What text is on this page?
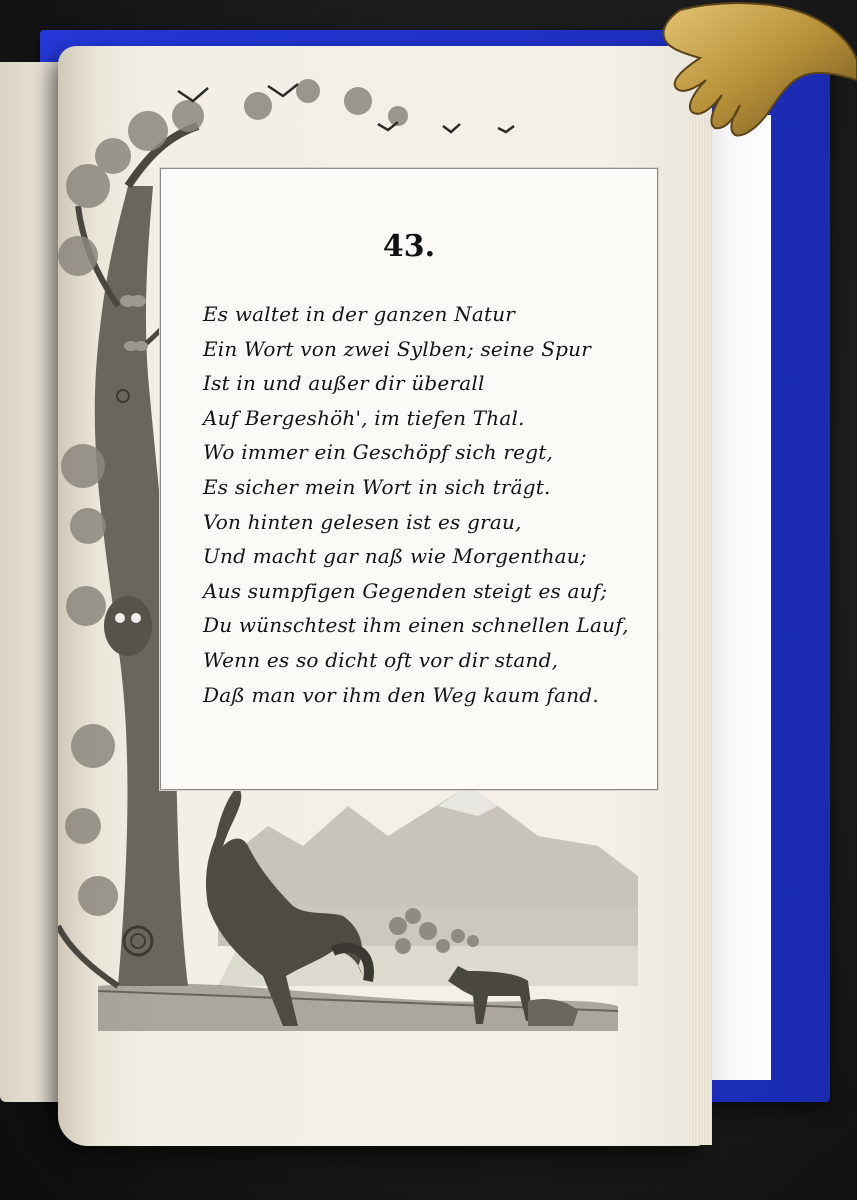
43.
Es waltet in der ganzen Natur
Ein Wort von zwei Sylben; seine Spur
Ist in und außer dir überall
Auf Bergeshöh', im tiefen Thal.
Wo immer ein Geschöpf sich regt,
Es sicher mein Wort in sich trägt.
Von hinten gelesen ist es grau,
Und macht gar naß wie Morgenthau;
Aus sumpfigen Gegenden steigt es auf;
Du wünschtest ihm einen schnellen Lauf,
Wenn es so dicht oft vor dir stand,
Daß man vor ihm den Weg kaum fand.
